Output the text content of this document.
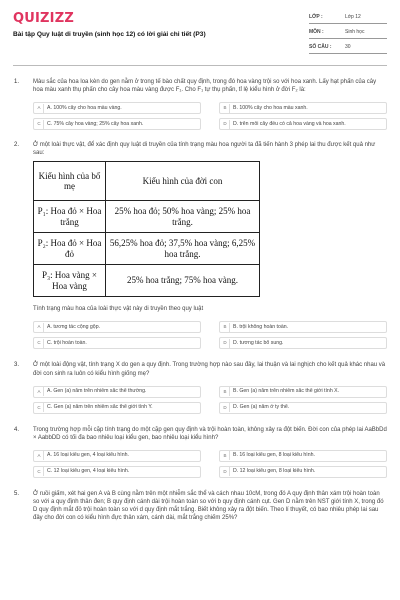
QUIZIZZ
Bài tập Quy luật di truyền (sinh học 12) có lời giải chi tiết (P3)
LỚP :	Lớp 12
MÔN :	Sinh học
SỐ CÂU :	30
1. Màu sắc của hoa loa kèn do gen nằm ở trong tế bào chất quy định, trong đó hoa vàng trội so với hoa xanh. Lấy hạt phấn của cây hoa màu xanh thụ phấn cho cây hoa màu vàng được F₁. Cho F₁ tự thụ phấn, tỉ lệ kiểu hình ở đời F₂ là:
A	A. 100% cây cho hoa màu vàng.	B	B. 100% cây cho hoa màu xanh.
C	C. 75% cây hoa vàng; 25% cây hoa xanh.	D	D. trên mỗi cây đều có cả hoa vàng và hoa xanh.
2. Ở một loài thực vật, để xác định quy luật di truyền của tính trạng màu hoa người ta đã tiến hành 3 phép lai thu được kết quả như sau:
Kiểu hình của bố mẹ	Kiểu hình của đời con
P₁: Hoa đỏ × Hoa trắng	25% hoa đỏ; 50% hoa vàng; 25% hoa trắng.
P₂: Hoa đỏ × Hoa đỏ	56,25% hoa đỏ; 37,5% hoa vàng; 6,25% hoa trắng.
P₃: Hoa vàng × Hoa vàng	25% hoa trắng; 75% hoa vàng.
Tính trạng màu hoa của loài thực vật này di truyền theo quy luật
A	A. tương tác cộng gộp.	B	B. trội không hoàn toàn.
C	C. trội hoàn toàn.	D	D. tương tác bổ sung.
3. Ở một loài động vật, tính trạng X do gen a quy định. Trong trường hợp nào sau đây, lai thuận và lai nghịch cho kết quả khác nhau và đời con sinh ra luôn có kiểu hình giống mẹ?
A	A. Gen (a) nằm trên nhiễm sắc thể thường.	B	B. Gen (a) nằm trên nhiễm sắc thể giới tính X.
C	C. Gen (a) nằm trên nhiễm sắc thể giới tính Y.	D	D. Gen (a) nằm ở ty thể.
4. Trong trường hợp mỗi cặp tính trạng do một cặp gen quy định và trội hoàn toàn, không xảy ra đột biến. Đời con của phép lai AaBbDd × AabbDD có tối đa bao nhiêu loại kiểu gen, bao nhiêu loại kiểu hình?
A	A. 16 loại kiểu gen, 4 loại kiểu hình.	B	B. 16 loại kiểu gen, 8 loại kiểu hình.
C	C. 12 loại kiểu gen, 4 loại kiểu hình.	D	D. 12 loại kiểu gen, 8 loại kiểu hình.
5. Ở ruồi giấm, xét hai gen A và B cùng nằm trên một nhiễm sắc thể và cách nhau 10cM, trong đó A quy định thân xám trội hoàn toàn so với a quy định thân đen; B quy định cánh dài trội hoàn toàn so với b quy định cánh cụt. Gen D nằm trên NST giới tính X, trong đó D quy định mắt đỏ trội hoàn toàn so với d quy định mắt trắng. Biết không xảy ra đột biến. Theo lí thuyết, có bao nhiêu phép lai sau đây cho đời con có kiểu hình đực thân xám, cánh dài, mắt trắng chiếm 25%?
